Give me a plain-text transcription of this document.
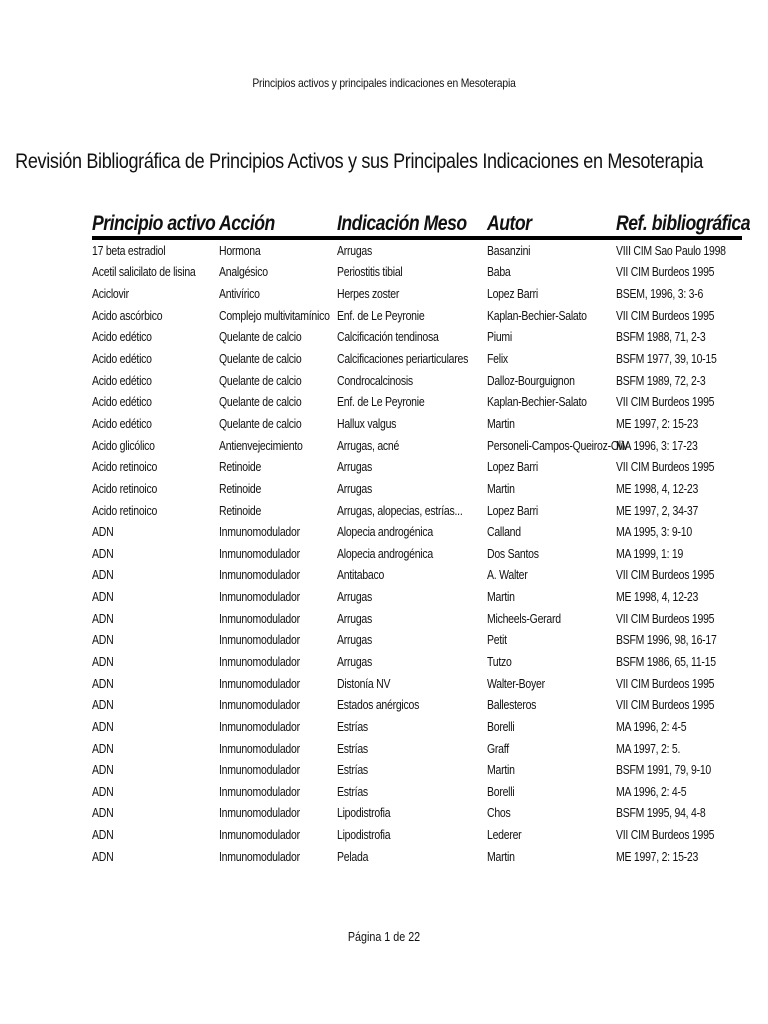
Principios activos y principales indicaciones en Mesoterapia
Revisión Bibliográfica de Principios Activos y sus Principales Indicaciones en Mesoterapia
Principio activo	Acción	Indicación Meso	Autor	Ref. bibliográfica
17 beta estradiol	Hormona	Arrugas	Basanzini	VIII CIM Sao Paulo 1998
Acetil salicilato de lisina	Analgésico	Periostitis tibial	Baba	VII CIM Burdeos 1995
Aciclovir	Antivírico	Herpes zoster	Lopez Barri	BSEM, 1996, 3: 3-6
Acido ascórbico	Complejo multivitamínico	Enf. de Le Peyronie	Kaplan-Bechier-Salato	VII CIM Burdeos 1995
Acido edético	Quelante de calcio	Calcificación tendinosa	Piumi	BSFM 1988, 71, 2-3
Acido edético	Quelante de calcio	Calcificaciones periarticulares	Felix	BSFM 1977, 39, 10-15
Acido edético	Quelante de calcio	Condrocalcinosis	Dalloz-Bourguignon	BSFM 1989, 72, 2-3
Acido edético	Quelante de calcio	Enf. de Le Peyronie	Kaplan-Bechier-Salato	VII CIM Burdeos 1995
Acido edético	Quelante de calcio	Hallux valgus	Martin	ME 1997, 2: 15-23
Acido glicólico	Antienvejecimiento	Arrugas, acné	Personeli-Campos-Queiroz-Oliv	MA 1996, 3: 17-23
Acido retinoico	Retinoide	Arrugas	Lopez Barri	VII CIM Burdeos 1995
Acido retinoico	Retinoide	Arrugas	Martin	ME 1998, 4, 12-23
Acido retinoico	Retinoide	Arrugas, alopecias, estrías...	Lopez Barri	ME 1997, 2, 34-37
ADN	Inmunomodulador	Alopecia androgénica	Calland	MA 1995, 3: 9-10
ADN	Inmunomodulador	Alopecia androgénica	Dos Santos	MA 1999, 1: 19
ADN	Inmunomodulador	Antitabaco	A. Walter	VII CIM Burdeos 1995
ADN	Inmunomodulador	Arrugas	Martin	ME 1998, 4, 12-23
ADN	Inmunomodulador	Arrugas	Micheels-Gerard	VII CIM Burdeos 1995
ADN	Inmunomodulador	Arrugas	Petit	BSFM 1996, 98, 16-17
ADN	Inmunomodulador	Arrugas	Tutzo	BSFM 1986, 65, 11-15
ADN	Inmunomodulador	Distonía NV	Walter-Boyer	VII CIM Burdeos 1995
ADN	Inmunomodulador	Estados anérgicos	Ballesteros	VII CIM Burdeos 1995
ADN	Inmunomodulador	Estrías	Borelli	MA 1996, 2: 4-5
ADN	Inmunomodulador	Estrías	Graff	MA 1997, 2: 5.
ADN	Inmunomodulador	Estrías	Martin	BSFM 1991, 79, 9-10
ADN	Inmunomodulador	Estrías	Borelli	MA 1996, 2: 4-5
ADN	Inmunomodulador	Lipodistrofia	Chos	BSFM 1995, 94, 4-8
ADN	Inmunomodulador	Lipodistrofia	Lederer	VII CIM Burdeos 1995
ADN	Inmunomodulador	Pelada	Martin	ME 1997, 2: 15-23
Página 1 de 22
